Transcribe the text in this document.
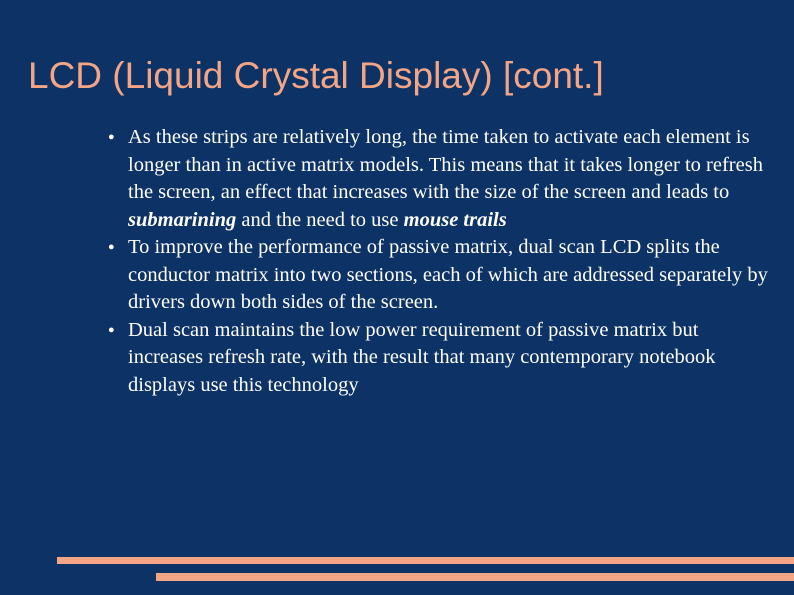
LCD (Liquid Crystal Display) [cont.]
● As these strips are relatively long, the time taken to activate each element is longer than in active matrix models. This means that it takes longer to refresh the screen, an effect that increases with the size of the screen and leads to submarining and the need to use mouse trails
● To improve the performance of passive matrix, dual scan LCD splits the conductor matrix into two sections, each of which are addressed separately by drivers down both sides of the screen.
● Dual scan maintains the low power requirement of passive matrix but increases refresh rate, with the result that many contemporary notebook displays use this technology
